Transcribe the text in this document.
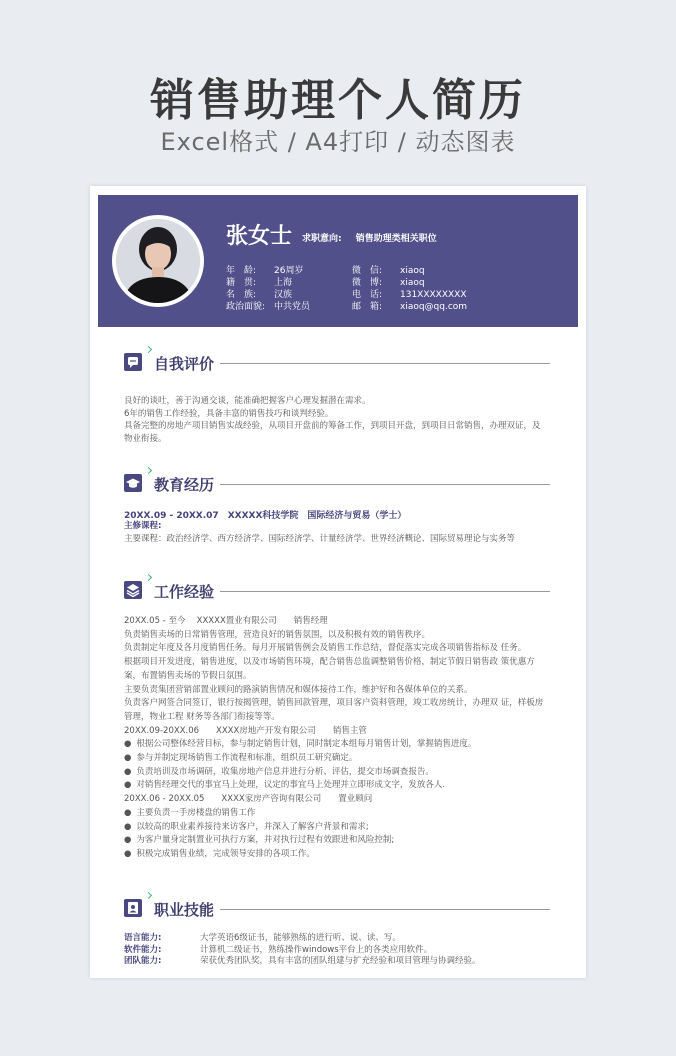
销售助理个人简历
Excel格式 / A4打印 / 动态图表
张女士 求职意向: 销售助理类相关职位
年　龄: 26周岁
籍　贯: 上海
名　族: 汉族
政治面貌: 中共党员
微　信: xiaoq
微　博: xiaoq
电　话: 131XXXXXXXX
邮　箱: xiaoq@qq.com
自我评价

良好的谈吐，善于沟通交谈，能准确把握客户心理发掘潜在需求。

6年的销售工作经验，具备丰富的销售技巧和谈判经验。

具备完整的房地产项目销售实战经验，从项目开盘前的筹备工作，到项目开盘，到项目日常销售，办理双证，及物业衔接。

教育经历
20XX.09 - 20XX.07　XXXXX科技学院　国际经济与贸易（学士）

主修课程:

主要课程：政治经济学、西方经济学、国际经济学、计量经济学、世界经济概论、国际贸易理论与实务等

工作经验

20XX.05 - 至今　 XXXXX置业有限公司　　销售经理

负责销售卖场的日常销售管理，营造良好的销售氛围，以及积极有效的销售秩序。

负责制定年度及各月度销售任务。每月开展销售例会及销售工作总结，督促落实完成各项销售指标及 任务。

根据项目开发进度，销售进度，以及市场销售环境，配合销售总监调整销售价格，制定节假日销售政 策优惠方案，布置销售卖场的节假日氛围。

主要负责集团营销部置业顾问的路演销售情况和媒体接待工作，维护好和各媒体单位的关系。

负责客户网签合同签订，银行按揭管理，销售回款管理，项目客户资料管理，竣工收房统计，办理双 证，样板房管理，物业工程 财务等各部门衔接等等。

20XX.09-20XX.06　　XXXX房地产开发有限公司　　销售主管

● 根据公司整体经营目标，参与制定销售计划，同时制定本组每月销售计划，掌握销售进度。

● 参与并制定现场销售工作流程和标准，组织员工研究确定。

● 负责培训及市场调研，收集房地产信息并进行分析、评估，提交市场调查报告。

● 对销售经理交代的事宜马上处理，议定的事宜马上处理并立即形成文字，发放各人.

20XX.06 - 20XX.05　　XXXX家房产咨询有限公司　　置业顾问

● 主要负责一手房楼盘的销售工作

● 以较高的职业素养接待来访客户，并深入了解客户背景和需求;

● 为客户量身定制置业可执行方案，并对执行过程有效跟进和风险控制;

● 积极完成销售业绩，完成领导安排的各项工作。

职业技能
语言能力:	大学英语6级证书，能够熟练的进行听、说、读、写。
软件能力:	计算机二级证书，熟练操作windows平台上的各类应用软件。
团队能力:	荣获优秀团队奖，具有丰富的团队组建与扩充经验和项目管理与协调经验。
